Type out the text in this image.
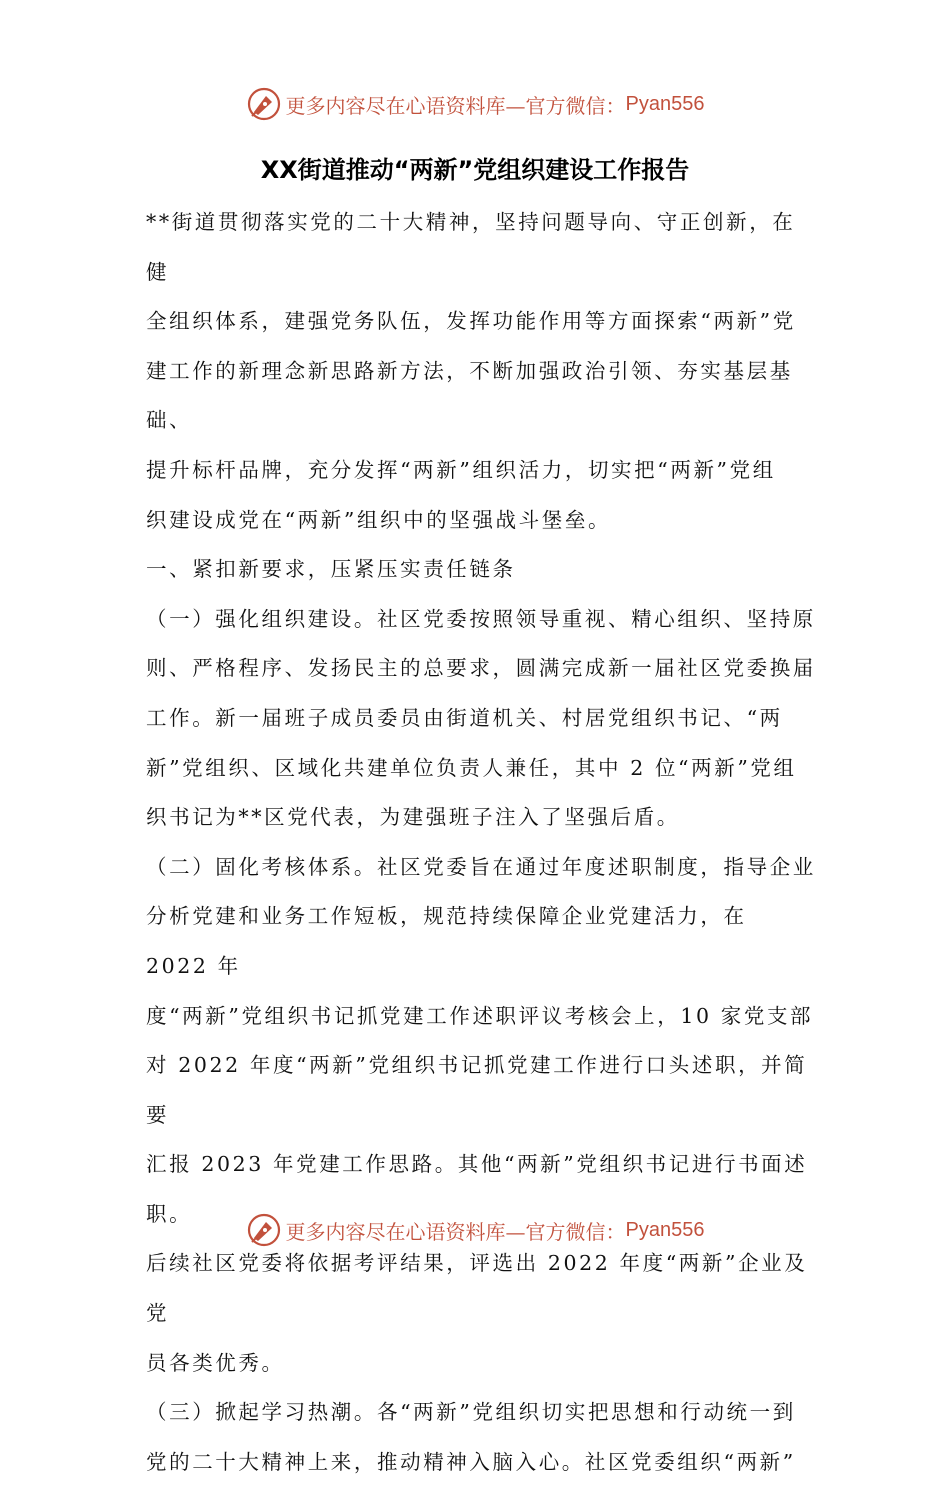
更多内容尽在心语资料库—官方微信： Pyan556
XX街道推动“两新”党组织建设工作报告

**街道贯彻落实党的二十大精神，坚持问题导向、守正创新，在健

全组织体系，建强党务队伍，发挥功能作用等方面探索“两新”党

建工作的新理念新思路新方法，不断加强政治引领、夯实基层基础、

提升标杆品牌，充分发挥“两新”组织活力，切实把“两新”党组

织建设成党在“两新”组织中的坚强战斗堡垒。

一、紧扣新要求，压紧压实责任链条

（一）强化组织建设。社区党委按照领导重视、精心组织、坚持原

则、严格程序、发扬民主的总要求，圆满完成新一届社区党委换届

工作。新一届班子成员委员由街道机关、村居党组织书记、“两

新”党组织、区域化共建单位负责人兼任，其中 2 位“两新”党组

织书记为**区党代表，为建强班子注入了坚强后盾。

（二）固化考核体系。社区党委旨在通过年度述职制度，指导企业

分析党建和业务工作短板，规范持续保障企业党建活力，在 2022 年

度“两新”党组织书记抓党建工作述职评议考核会上，10 家党支部

对 2022 年度“两新”党组织书记抓党建工作进行口头述职，并简要

汇报 2023 年党建工作思路。其他“两新”党组织书记进行书面述职。

后续社区党委将依据考评结果，评选出 2022 年度“两新”企业及党

员各类优秀。

（三）掀起学习热潮。各“两新”党组织切实把思想和行动统一到

党的二十大精神上来，推动精神入脑入心。社区党委组织“两新”

更多内容尽在心语资料库—官方微信： Pyan556
